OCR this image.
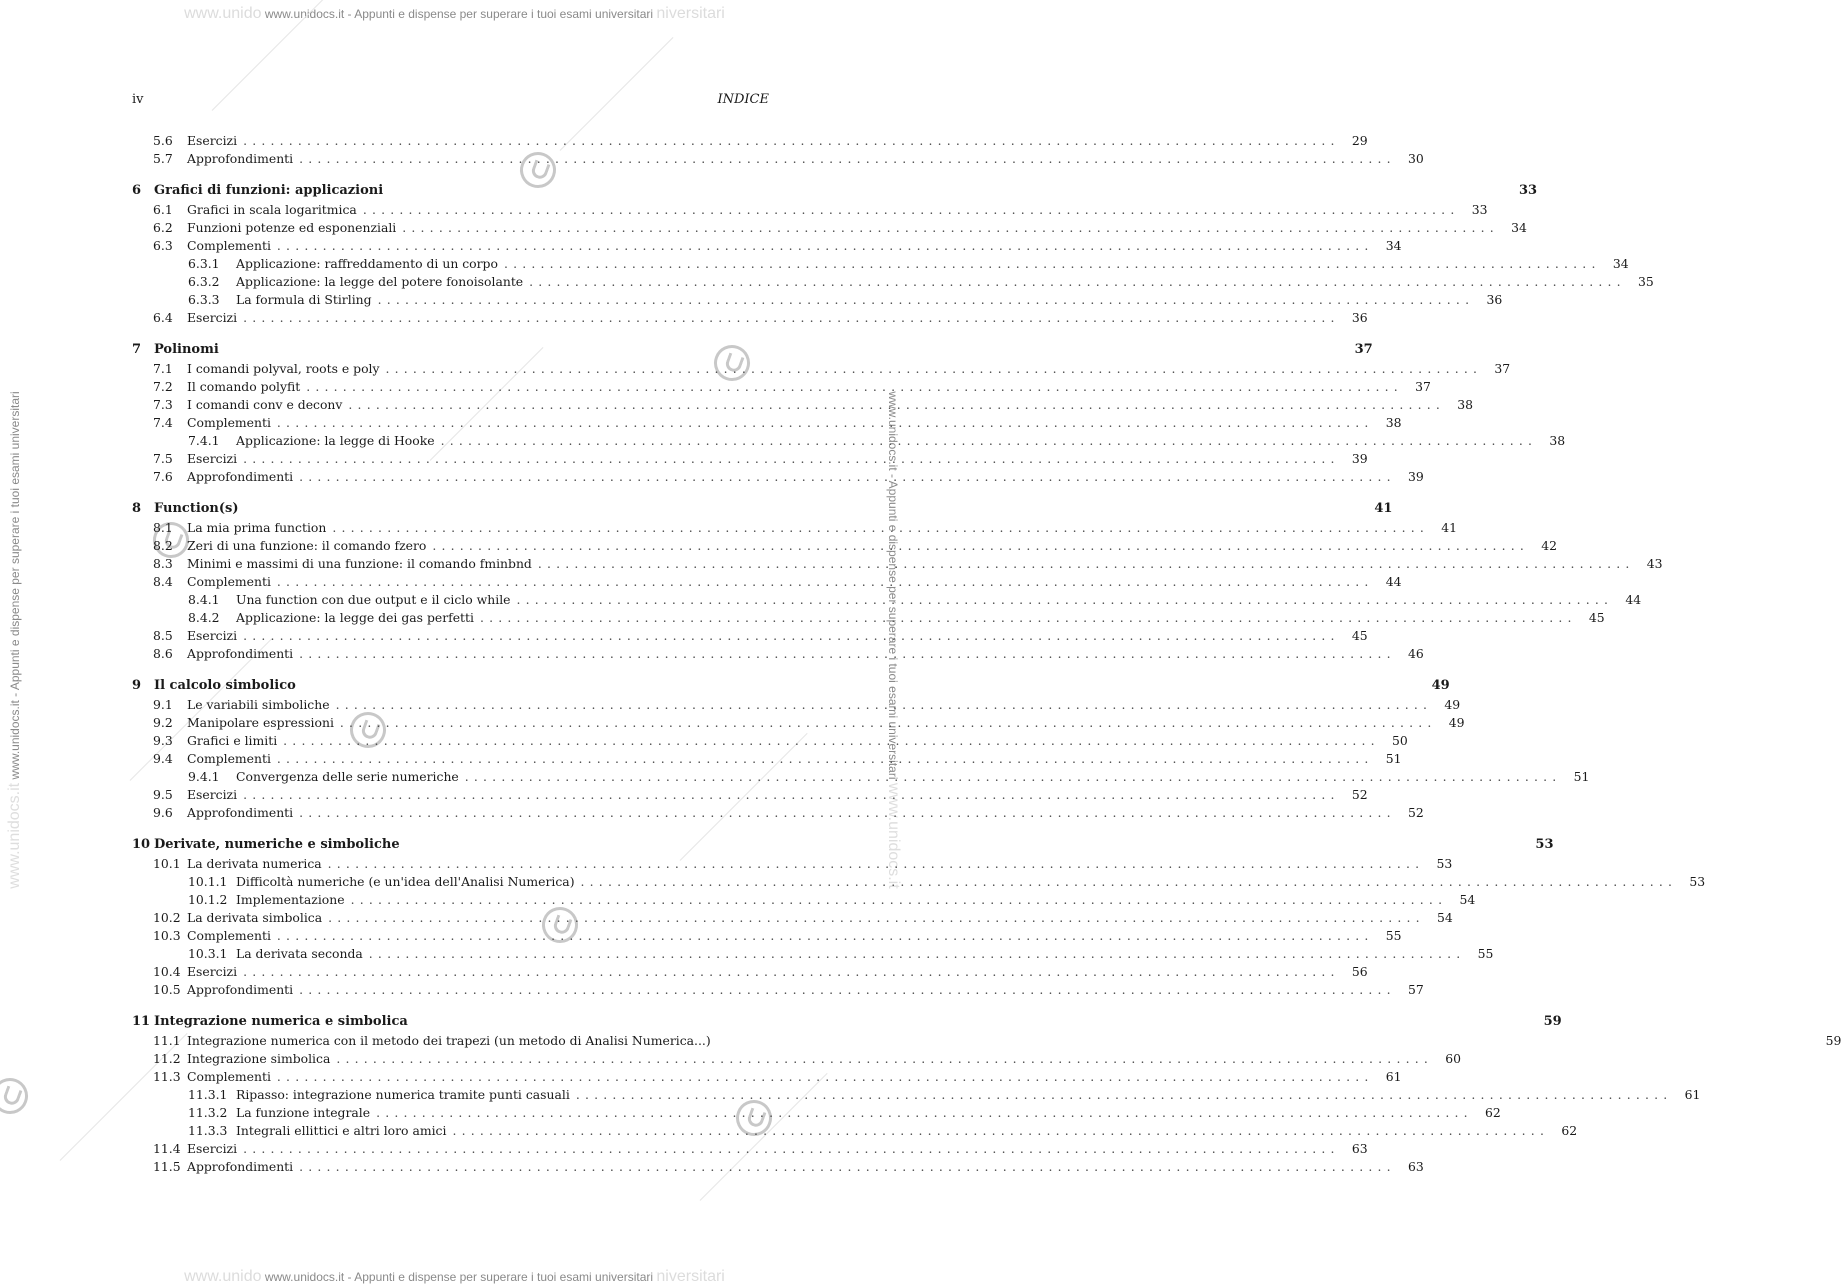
www.unido www.unidocs.it - Appunti e dispense per superare i tuoi esami universitari niversitari
www.unido www.unidocs.it - Appunti e dispense per superare i tuoi esami universitari niversitari
www.unidocs.it www.unidocs.it - Appunti e dispense per superare i tuoi esami universitari	www.unidocs.it - Appunti e dispense per superare i tuoi esami universitari www.unidocs.it
iv	INDICE
5.6	Esercizi ........................................................................................................................ 29
5.7	Approfondimenti ........................................................................................................................ 30
6 Grafici di funzioni: applicazioni	33
6.1	Grafici in scala logaritmica ........................................................................................................................ 33
6.2	Funzioni potenze ed esponenziali ........................................................................................................................ 34
6.3	Complementi ........................................................................................................................ 34
6.3.1	Applicazione: raffreddamento di un corpo ........................................................................................................................ 34
6.3.2	Applicazione: la legge del potere fonoisolante ........................................................................................................................ 35
6.3.3	La formula di Stirling ........................................................................................................................ 36
6.4	Esercizi ........................................................................................................................ 36
7 Polinomi	37
7.1	I comandi polyval, roots e poly ........................................................................................................................ 37
7.2	Il comando polyfit ........................................................................................................................ 37
7.3	I comandi conv e deconv ........................................................................................................................ 38
7.4	Complementi ........................................................................................................................ 38
7.4.1	Applicazione: la legge di Hooke ........................................................................................................................ 38
7.5	Esercizi ........................................................................................................................ 39
7.6	Approfondimenti ........................................................................................................................ 39
8 Function(s)	41
8.1	La mia prima function ........................................................................................................................ 41
8.2	Zeri di una funzione: il comando fzero ........................................................................................................................ 42
8.3	Minimi e massimi di una funzione: il comando fminbnd ........................................................................................................................ 43
8.4	Complementi ........................................................................................................................ 44
8.4.1	Una function con due output e il ciclo while ........................................................................................................................ 44
8.4.2	Applicazione: la legge dei gas perfetti ........................................................................................................................ 45
8.5	Esercizi ........................................................................................................................ 45
8.6	Approfondimenti ........................................................................................................................ 46
9 Il calcolo simbolico	49
9.1	Le variabili simboliche ........................................................................................................................ 49
9.2	Manipolare espressioni ........................................................................................................................ 49
9.3	Grafici e limiti ........................................................................................................................ 50
9.4	Complementi ........................................................................................................................ 51
9.4.1	Convergenza delle serie numeriche ........................................................................................................................ 51
9.5	Esercizi ........................................................................................................................ 52
9.6	Approfondimenti ........................................................................................................................ 52
10 Derivate, numeriche e simboliche	53
10.1 La derivata numerica ........................................................................................................................ 53
10.1.1 Difficoltà numeriche (e un'idea dell'Analisi Numerica) ........................................................................................................................ 53
10.1.2 Implementazione ........................................................................................................................ 54
10.2 La derivata simbolica ........................................................................................................................ 54
10.3 Complementi ........................................................................................................................ 55
10.3.1 La derivata seconda ........................................................................................................................ 55
10.4 Esercizi ........................................................................................................................ 56
10.5 Approfondimenti ........................................................................................................................ 57
11 Integrazione numerica e simbolica	59
11.1 Integrazione numerica con il metodo dei trapezi (un metodo di Analisi Numerica...)	59
11.2 Integrazione simbolica ........................................................................................................................ 60
11.3 Complementi ........................................................................................................................ 61
11.3.1 Ripasso: integrazione numerica tramite punti casuali ........................................................................................................................ 61
11.3.2 La funzione integrale ........................................................................................................................ 62
11.3.3 Integrali ellittici e altri loro amici ........................................................................................................................ 62
11.4 Esercizi ........................................................................................................................ 63
11.5 Approfondimenti ........................................................................................................................ 63
